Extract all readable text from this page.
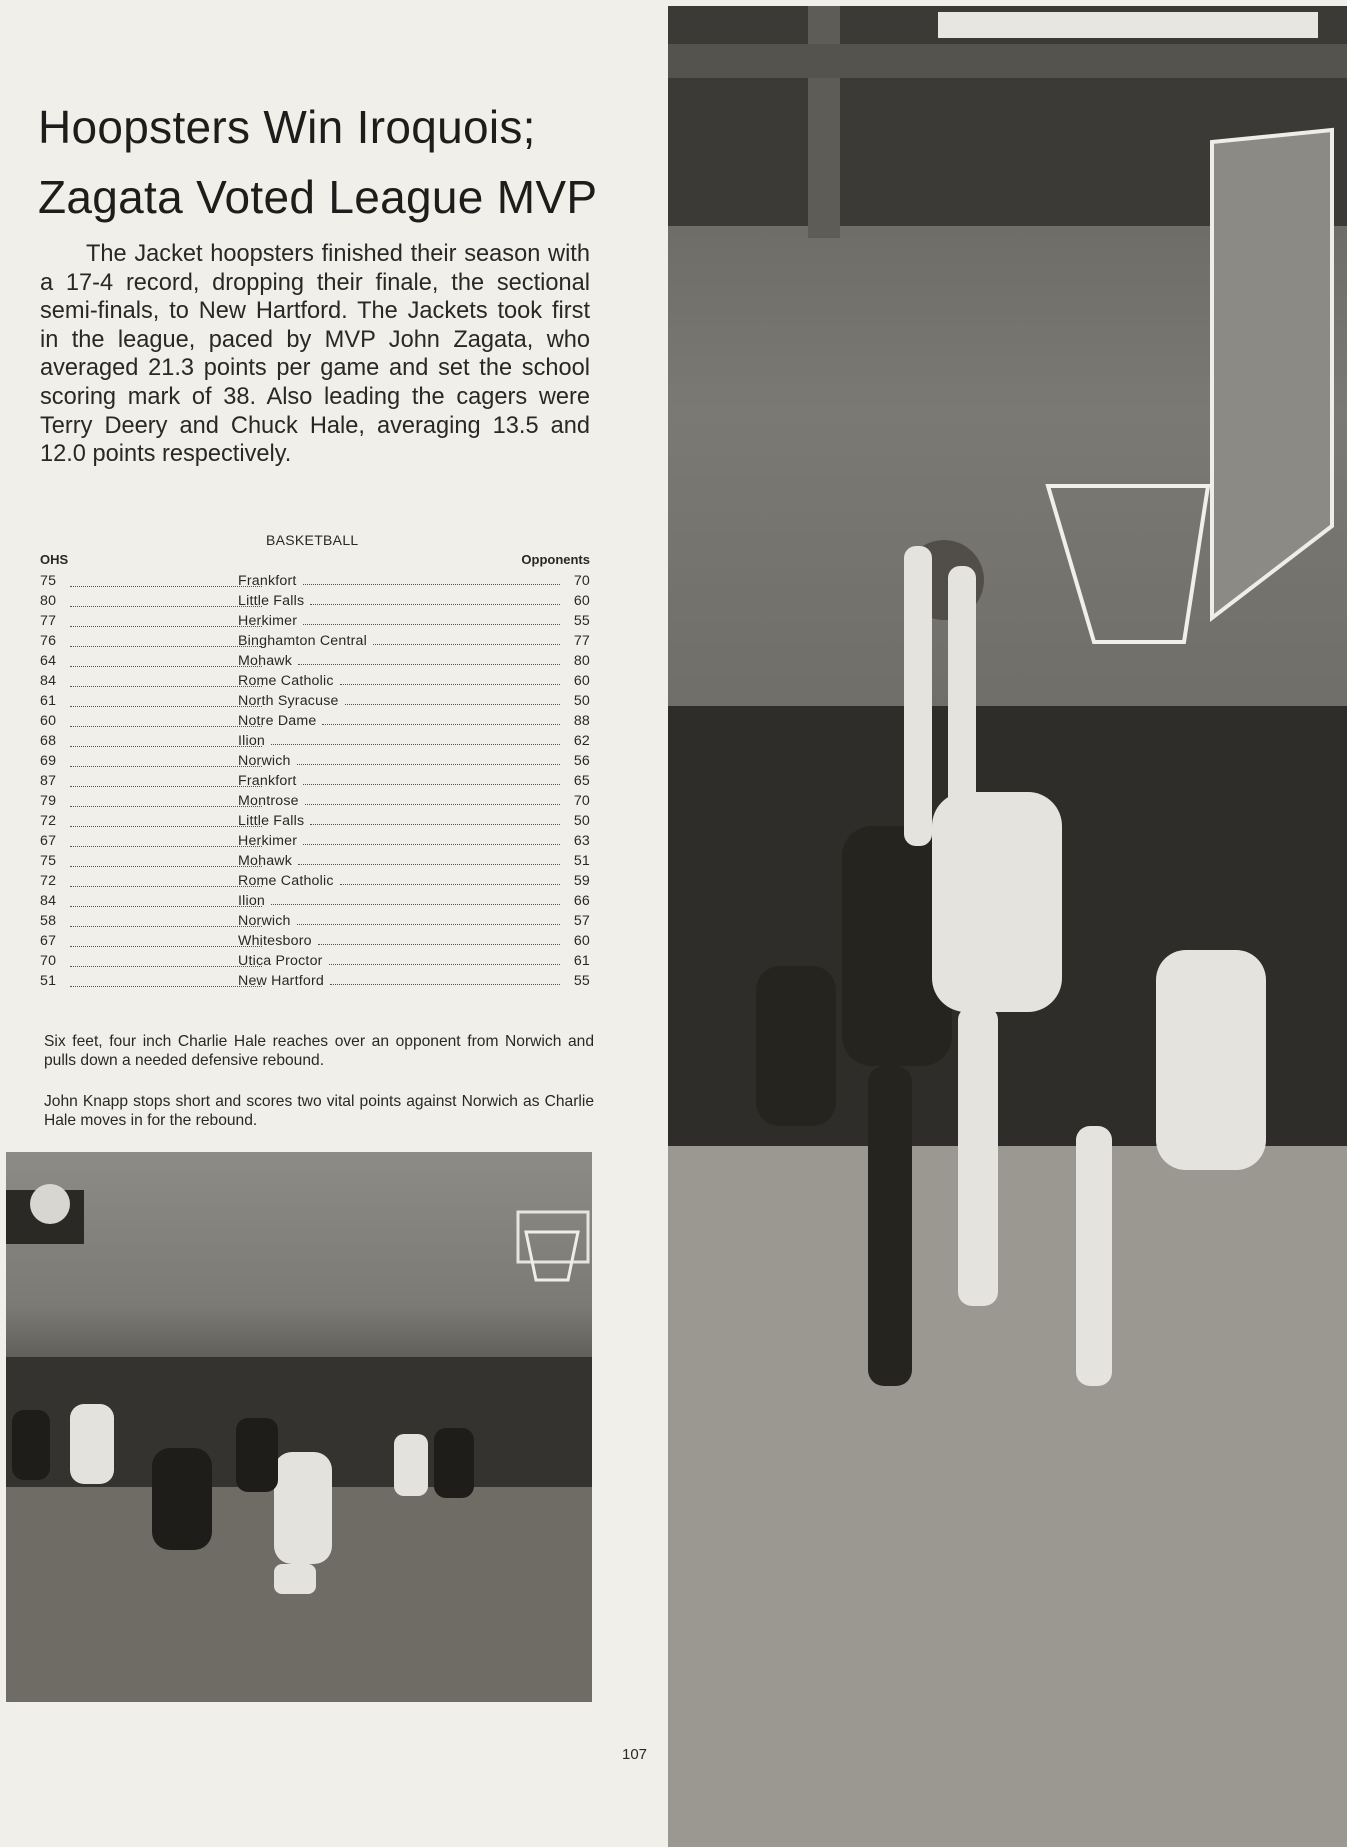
Hoopsters Win Iroquois;
Zagata Voted League MVP

The Jacket hoopsters finished their season with a 17-4 record, dropping their finale, the sectional semi-finals, to New Hartford. The Jackets took first in the league, paced by MVP John Zagata, who averaged 21.3 points per game and set the school scoring mark of 38. Also leading the cagers were Terry Deery and Chuck Hale, averaging 13.5 and 12.0 points respectively.

BASKETBALL
OHS	Opponents
75	Frankfort	70
80	Little Falls	60
77	Herkimer	55
76	Binghamton Central	77
64	Mohawk	80
84	Rome Catholic	60
61	North Syracuse	50
60	Notre Dame	88
68	Ilion	62
69	Norwich	56
87	Frankfort	65
79	Montrose	70
72	Little Falls	50
67	Herkimer	63
75	Mohawk	51
72	Rome Catholic	59
84	Ilion	66
58	Norwich	57
67	Whitesboro	60
70	Utica Proctor	61
51	New Hartford	55

Six feet, four inch Charlie Hale reaches over an opponent from Norwich and pulls down a needed defensive rebound.

John Knapp stops short and scores two vital points against Norwich as Charlie Hale moves in for the rebound.

107
